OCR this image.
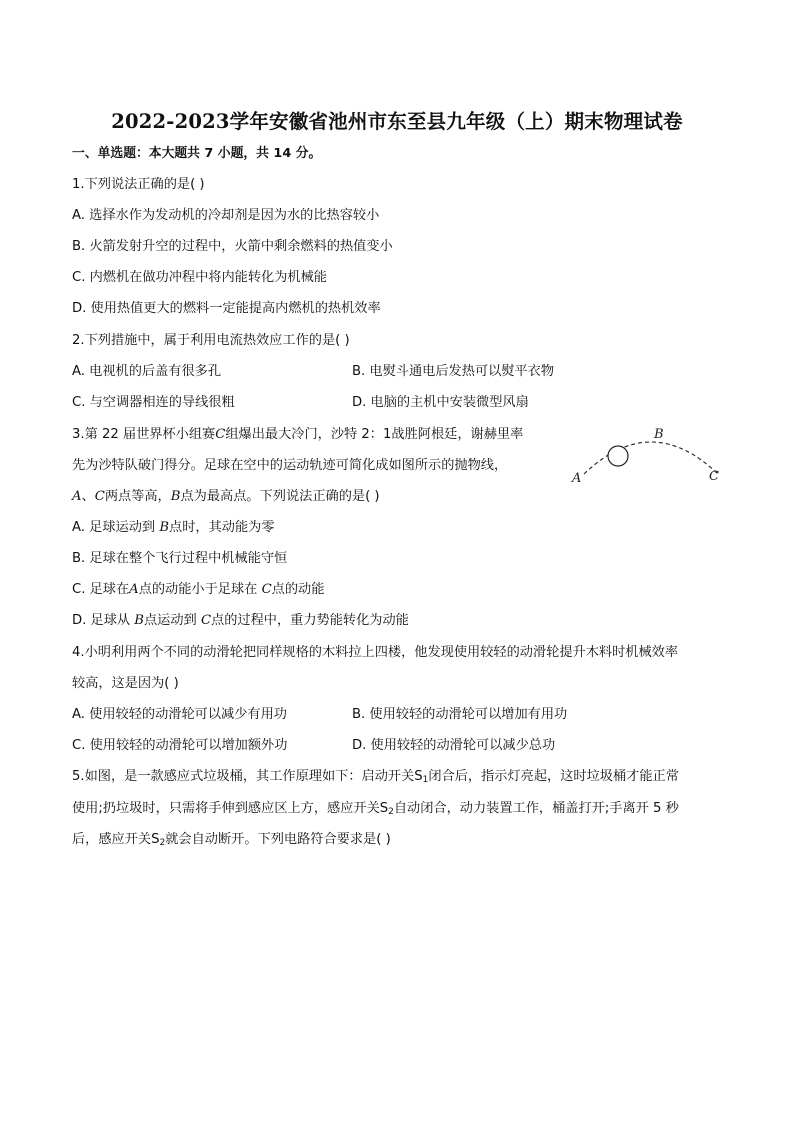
2022-2023学年安徽省池州市东至县九年级（上）期末物理试卷
一、单选题：本大题共 7 小题，共 14 分。
1.下列说法正确的是( )
A. 选择水作为发动机的冷却剂是因为水的比热容较小
B. 火箭发射升空的过程中，火箭中剩余燃料的热值变小
C. 内燃机在做功冲程中将内能转化为机械能
D. 使用热值更大的燃料一定能提高内燃机的热机效率
2.下列措施中，属于利用电流热效应工作的是( )
A. 电视机的后盖有很多孔	B. 电熨斗通电后发热可以熨平衣物
C. 与空调器相连的导线很粗	D. 电脑的主机中安装微型风扇
3.第 22 届世界杯小组赛C组爆出最大冷门，沙特 2：1战胜阿根廷，谢赫里率
先为沙特队破门得分。足球在空中的运动轨迹可简化成如图所示的抛物线，
A、C两点等高，B点为最高点。下列说法正确的是( )
A. 足球运动到 B点时，其动能为零
B. 足球在整个飞行过程中机械能守恒
C. 足球在A点的动能小于足球在 C点的动能
D. 足球从 B点运动到 C点的过程中，重力势能转化为动能
A
B
C
4.小明利用两个不同的动滑轮把同样规格的木料拉上四楼，他发现使用较轻的动滑轮提升木料时机械效率
较高，这是因为( )
A. 使用较轻的动滑轮可以减少有用功	B. 使用较轻的动滑轮可以增加有用功
C. 使用较轻的动滑轮可以增加额外功	D. 使用较轻的动滑轮可以减少总功
5.如图，是一款感应式垃圾桶，其工作原理如下：启动开关$S_1$闭合后，指示灯亮起，这时垃圾桶才能正常
使用;扔垃圾时，只需将手伸到感应区上方，感应开关$S_2$自动闭合，动力装置工作，桶盖打开;手离开 5 秒
后，感应开关$S_2$就会自动断开。下列电路符合要求是( )
